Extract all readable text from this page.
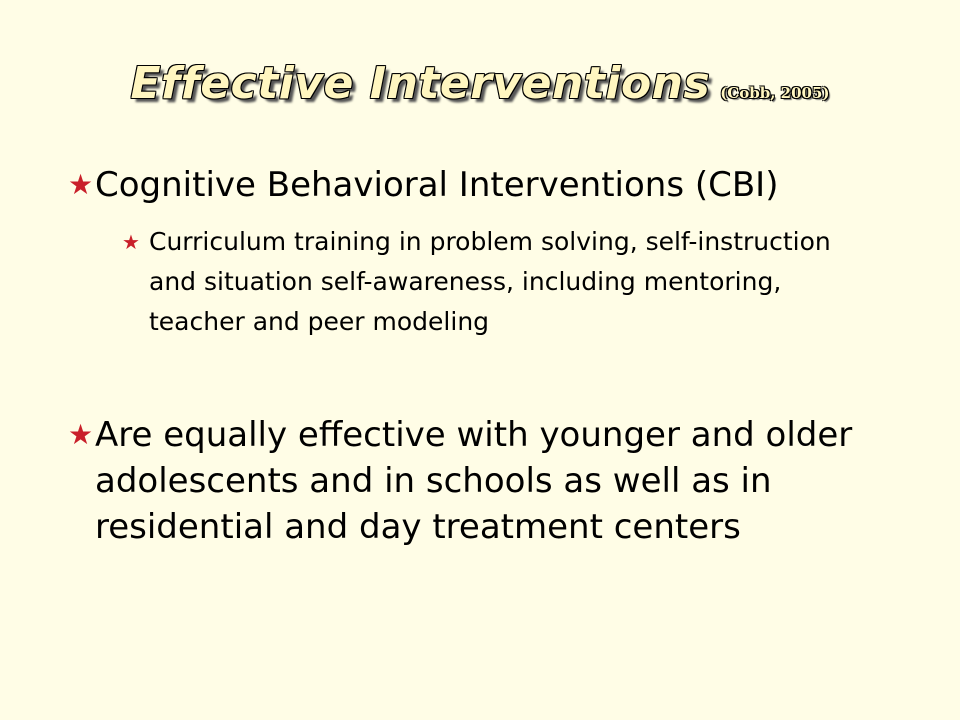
Effective Interventions (Cobb, 2005)
★ Cognitive Behavioral Interventions (CBI)
★ Curriculum training in problem solving, self-instruction and situation self-awareness, including mentoring, teacher and peer modeling
★ Are equally effective with younger and older adolescents and in schools as well as in residential and day treatment centers
